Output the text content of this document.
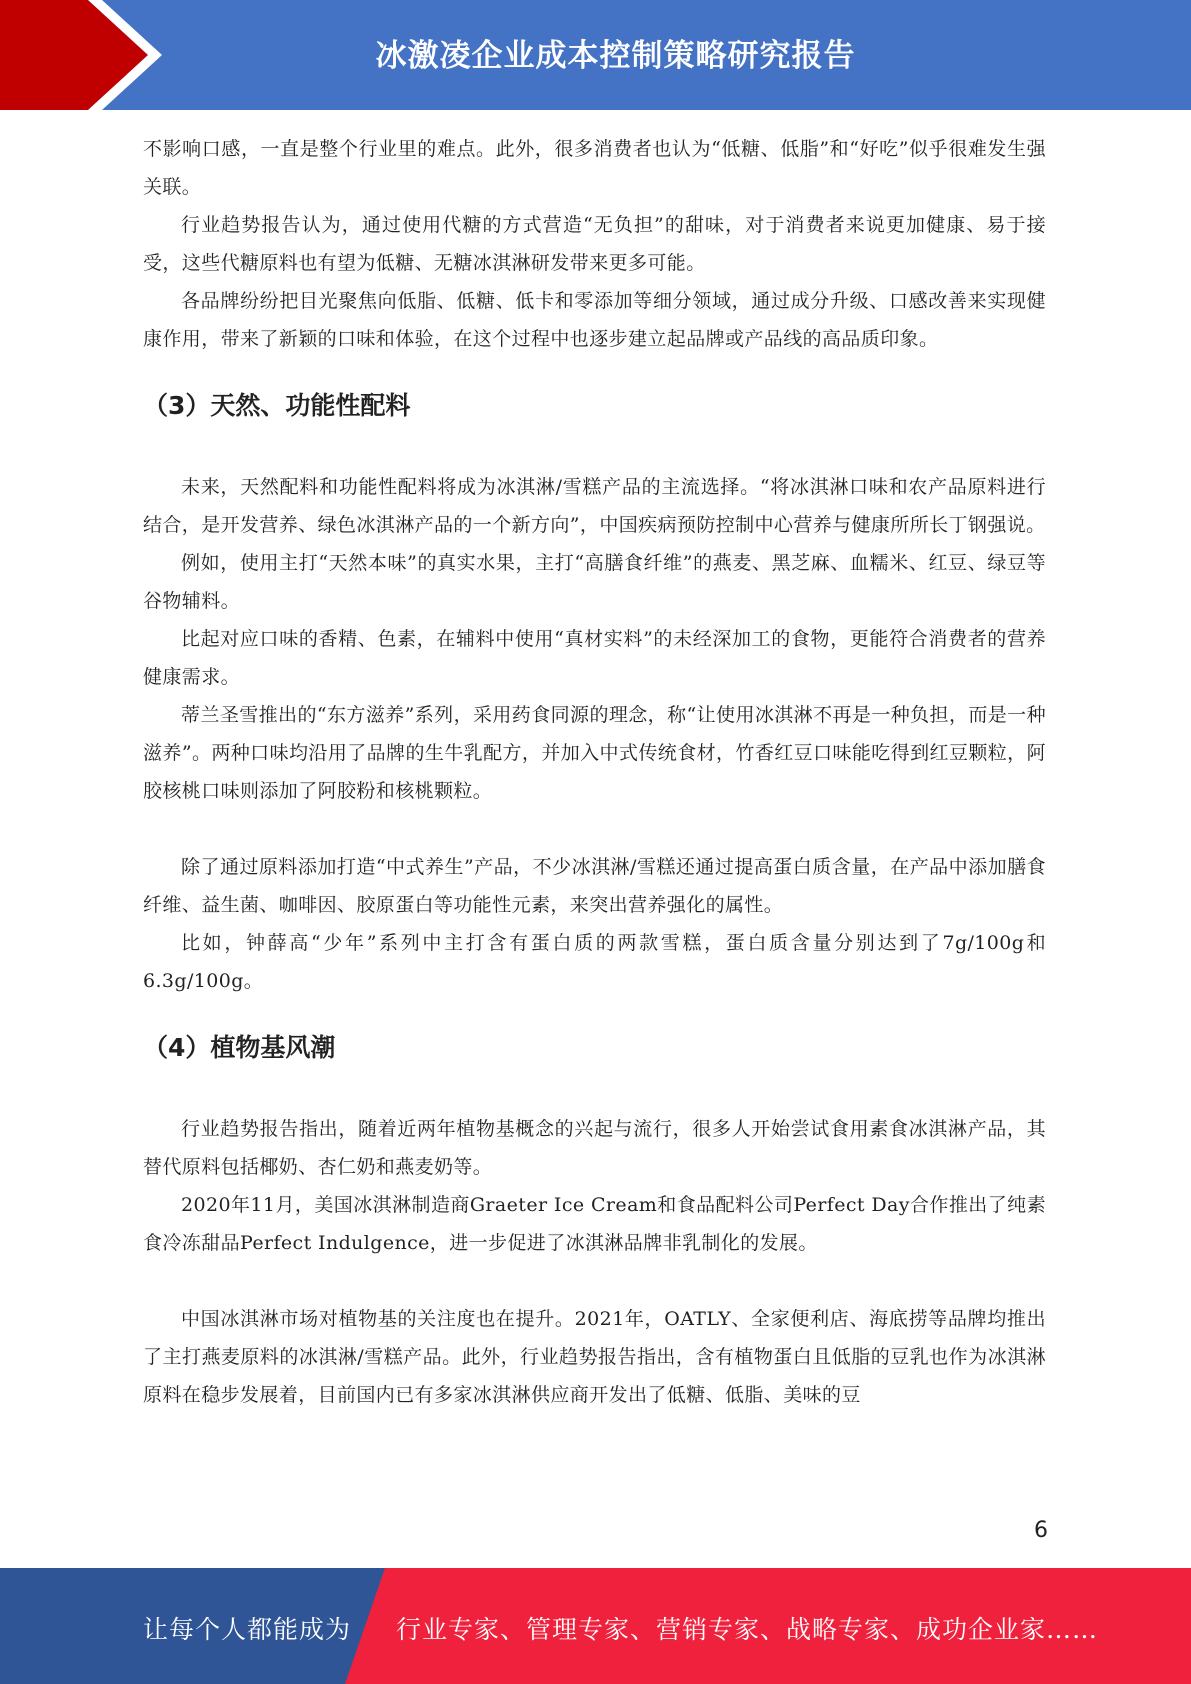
冰激凌企业成本控制策略研究报告

不影响口感，一直是整个行业里的难点。此外，很多消费者也认为“低糖、低脂”和“好吃”似乎很难发生强关联。

行业趋势报告认为，通过使用代糖的方式营造“无负担”的甜味，对于消费者来说更加健康、易于接受，这些代糖原料也有望为低糖、无糖冰淇淋研发带来更多可能。

各品牌纷纷把目光聚焦向低脂、低糖、低卡和零添加等细分领域，通过成分升级、口感改善来实现健康作用，带来了新颖的口味和体验，在这个过程中也逐步建立起品牌或产品线的高品质印象。

（3）天然、功能性配料

未来，天然配料和功能性配料将成为冰淇淋/雪糕产品的主流选择。“将冰淇淋口味和农产品原料进行结合，是开发营养、绿色冰淇淋产品的一个新方向”，中国疾病预防控制中心营养与健康所所长丁钢强说。

例如，使用主打“天然本味”的真实水果，主打“高膳食纤维”的燕麦、黑芝麻、血糯米、红豆、绿豆等谷物辅料。

比起对应口味的香精、色素，在辅料中使用“真材实料”的未经深加工的食物，更能符合消费者的营养健康需求。

蒂兰圣雪推出的“东方滋养”系列，采用药食同源的理念，称“让使用冰淇淋不再是一种负担，而是一种滋养”。两种口味均沿用了品牌的生牛乳配方，并加入中式传统食材，竹香红豆口味能吃得到红豆颗粒，阿胶核桃口味则添加了阿胶粉和核桃颗粒。

除了通过原料添加打造“中式养生”产品，不少冰淇淋/雪糕还通过提高蛋白质含量，在产品中添加膳食纤维、益生菌、咖啡因、胶原蛋白等功能性元素，来突出营养强化的属性。

比如，钟薛高“少年”系列中主打含有蛋白质的两款雪糕，蛋白质含量分别达到了7g/100g和6.3g/100g。

（4）植物基风潮

行业趋势报告指出，随着近两年植物基概念的兴起与流行，很多人开始尝试食用素食冰淇淋产品，其替代原料包括椰奶、杏仁奶和燕麦奶等。

2020年11月，美国冰淇淋制造商Graeter Ice Cream和食品配料公司Perfect Day合作推出了纯素食冷冻甜品Perfect Indulgence，进一步促进了冰淇淋品牌非乳制化的发展。

中国冰淇淋市场对植物基的关注度也在提升。2021年，OATLY、全家便利店、海底捞等品牌均推出了主打燕麦原料的冰淇淋/雪糕产品。此外，行业趋势报告指出，含有植物蛋白且低脂的豆乳也作为冰淇淋原料在稳步发展着，目前国内已有多家冰淇淋供应商开发出了低糖、低脂、美味的豆

6
让每个人都能成为 行业专家、管理专家、营销专家、战略专家、成功企业家……
